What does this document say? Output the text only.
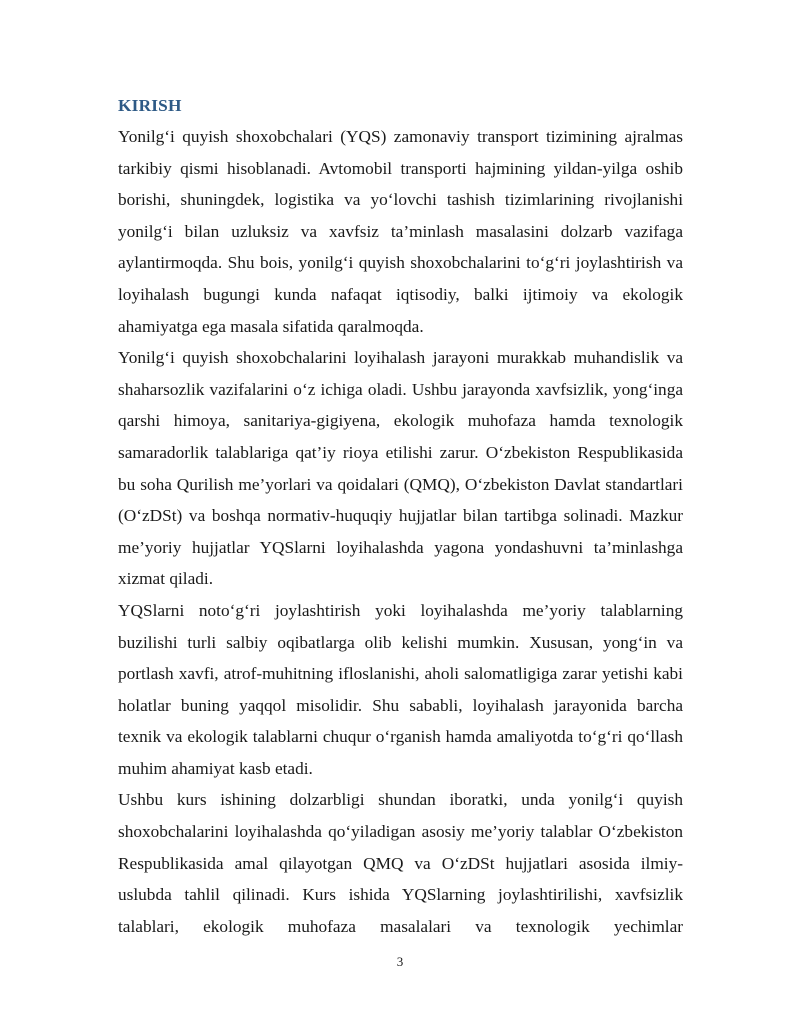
KIRISH

Yonilg‘i quyish shoxobchalari (YQS) zamonaviy transport tizimining ajralmas tarkibiy qismi hisoblanadi. Avtomobil transporti hajmining yildan-yilga oshib borishi, shuningdek, logistika va yo‘lovchi tashish tizimlarining rivojlanishi yonilg‘i bilan uzluksiz va xavfsiz ta’minlash masalasini dolzarb vazifaga aylantirmoqda. Shu bois, yonilg‘i quyish shoxobchalarini to‘g‘ri joylashtirish va loyihalash bugungi kunda nafaqat iqtisodiy, balki ijtimoiy va ekologik ahamiyatga ega masala sifatida qaralmoqda.

Yonilg‘i quyish shoxobchalarini loyihalash jarayoni murakkab muhandislik va shaharsozlik vazifalarini o‘z ichiga oladi. Ushbu jarayonda xavfsizlik, yong‘inga qarshi himoya, sanitariya-gigiyena, ekologik muhofaza hamda texnologik samaradorlik talablariga qat’iy rioya etilishi zarur. O‘zbekiston Respublikasida bu soha Qurilish me’yorlari va qoidalari (QMQ), O‘zbekiston Davlat standartlari (O‘zDSt) va boshqa normativ-huquqiy hujjatlar bilan tartibga solinadi. Mazkur me’yoriy hujjatlar YQSlarni loyihalashda yagona yondashuvni ta’minlashga xizmat qiladi.

YQSlarni noto‘g‘ri joylashtirish yoki loyihalashda me’yoriy talablarning buzilishi turli salbiy oqibatlarga olib kelishi mumkin. Xususan, yong‘in va portlash xavfi, atrof-muhitning ifloslanishi, aholi salomatligiga zarar yetishi kabi holatlar buning yaqqol misolidir. Shu sababli, loyihalash jarayonida barcha texnik va ekologik talablarni chuqur o‘rganish hamda amaliyotda to‘g‘ri qo‘llash muhim ahamiyat kasb etadi.

Ushbu kurs ishining dolzarbligi shundan iboratki, unda yonilg‘i quyish shoxobchalarini loyihalashda qo‘yiladigan asosiy me’yoriy talablar O‘zbekiston Respublikasida amal qilayotgan QMQ va O‘zDSt hujjatlari asosida ilmiy-uslubda tahlil qilinadi. Kurs ishida YQSlarning joylashtirilishi, xavfsizlik talablari, ekologik muhofaza masalalari va texnologik yechimlar

3
